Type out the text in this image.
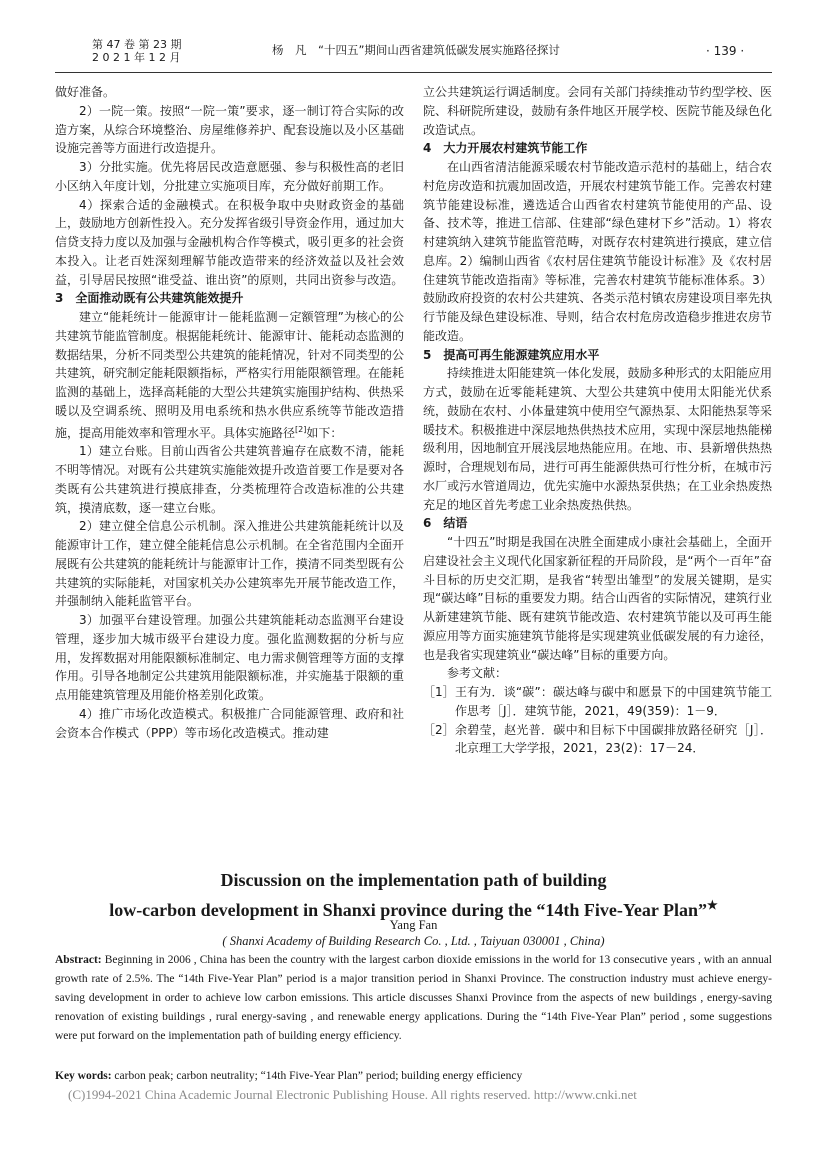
第 47 卷 第 23 期
2 0 2 1 年 1 2 月
杨　凡　“十四五”期间山西省建筑低碳发展实施路径探讨	· 139 ·

做好准备。

2）一院一策。按照“一院一策”要求，逐一制订符合实际的改造方案，从综合环境整治、房屋维修养护、配套设施以及小区基础设施完善等方面进行改造提升。

3）分批实施。优先将居民改造意愿强、参与积极性高的老旧小区纳入年度计划，分批建立实施项目库，充分做好前期工作。

4）探索合适的金融模式。在积极争取中央财政资金的基础上，鼓励地方创新性投入。充分发挥省级引导资金作用，通过加大信贷支持力度以及加强与金融机构合作等模式，吸引更多的社会资本投入。让老百姓深刻理解节能改造带来的经济效益以及社会效益，引导居民按照“谁受益、谁出资”的原则，共同出资参与改造。

3　全面推动既有公共建筑能效提升

建立“能耗统计－能源审计－能耗监测－定额管理”为核心的公共建筑节能监管制度。根据能耗统计、能源审计、能耗动态监测的数据结果，分析不同类型公共建筑的能耗情况，针对不同类型的公共建筑，研究制定能耗限额指标，严格实行用能限额管理。在能耗监测的基础上，选择高耗能的大型公共建筑实施围护结构、供热采暖以及空调系统、照明及用电系统和热水供应系统等节能改造措施，提高用能效率和管理水平。具体实施路径[2]如下：

1）建立台账。目前山西省公共建筑普遍存在底数不清，能耗不明等情况。对既有公共建筑实施能效提升改造首要工作是要对各类既有公共建筑进行摸底排查，分类梳理符合改造标准的公共建筑，摸清底数，逐一建立台账。

2）建立健全信息公示机制。深入推进公共建筑能耗统计以及能源审计工作，建立健全能耗信息公示机制。在全省范围内全面开展既有公共建筑的能耗统计与能源审计工作，摸清不同类型既有公共建筑的实际能耗，对国家机关办公建筑率先开展节能改造工作，并强制纳入能耗监管平台。

3）加强平台建设管理。加强公共建筑能耗动态监测平台建设管理，逐步加大城市级平台建设力度。强化监测数据的分析与应用，发挥数据对用能限额标准制定、电力需求侧管理等方面的支撑作用。引导各地制定公共建筑用能限额标准，并实施基于限额的重点用能建筑管理及用能价格差别化政策。

4）推广市场化改造模式。积极推广合同能源管理、政府和社会资本合作模式（PPP）等市场化改造模式。推动建

立公共建筑运行调适制度。会同有关部门持续推动节约型学校、医院、科研院所建设，鼓励有条件地区开展学校、医院节能及绿色化改造试点。

4　大力开展农村建筑节能工作

在山西省清洁能源采暖农村节能改造示范村的基础上，结合农村危房改造和抗震加固改造，开展农村建筑节能工作。完善农村建筑节能建设标准，遴选适合山西省农村建筑节能使用的产品、设备、技术等，推进工信部、住建部“绿色建材下乡”活动。1）将农村建筑纳入建筑节能监管范畴，对既存农村建筑进行摸底，建立信息库。2）编制山西省《农村居住建筑节能设计标准》及《农村居住建筑节能改造指南》等标准，完善农村建筑节能标准体系。3）鼓励政府投资的农村公共建筑、各类示范村镇农房建设项目率先执行节能及绿色建设标准、导则，结合农村危房改造稳步推进农房节能改造。

5　提高可再生能源建筑应用水平

持续推进太阳能建筑一体化发展，鼓励多种形式的太阳能应用方式，鼓励在近零能耗建筑、大型公共建筑中使用太阳能光伏系统，鼓励在农村、小体量建筑中使用空气源热泵、太阳能热泵等采暖技术。积极推进中深层地热供热技术应用，实现中深层地热能梯级利用，因地制宜开展浅层地热能应用。在地、市、县新增供热热源时，合理规划布局，进行可再生能源供热可行性分析，在城市污水厂或污水管道周边，优先实施中水源热泵供热；在工业余热废热充足的地区首先考虑工业余热废热供热。

6　结语

“十四五”时期是我国在决胜全面建成小康社会基础上，全面开启建设社会主义现代化国家新征程的开局阶段，是“两个一百年”奋斗目标的历史交汇期，是我省“转型出雏型”的发展关键期，是实现“碳达峰”目标的重要发力期。结合山西省的实际情况，建筑行业从新建建筑节能、既有建筑节能改造、农村建筑节能以及可再生能源应用等方面实施建筑节能将是实现建筑业低碳发展的有力途径，也是我省实现建筑业“碳达峰”目标的重要方向。

参考文献：

［1］ 王有为．谈“碳”：碳达峰与碳中和愿景下的中国建筑节能工作思考［J］．建筑节能，2021，49(359)：1－9．
［2］ 余碧莹，赵光普．碳中和目标下中国碳排放路径研究［J］．北京理工大学学报，2021，23(2)：17－24．
Discussion on the implementation path of building
low-carbon development in Shanxi province during the “14th Five-Year Plan”★
Yang Fan
( Shanxi Academy of Building Research Co. , Ltd. , Taiyuan 030001 , China)
Abstract: Beginning in 2006 , China has been the country with the largest carbon dioxide emissions in the world for 13 consecutive years , with an annual growth rate of 2.5%. The “14th Five-Year Plan” period is a major transition period in Shanxi Province. The construction industry must achieve energy-saving development in order to achieve low carbon emissions. This article discusses Shanxi Province from the aspects of new buildings , energy-saving renovation of existing buildings , rural energy-saving , and renewable energy applications. During the “14th Five-Year Plan” period , some suggestions were put forward on the implementation path of building energy efficiency.
Key words: carbon peak; carbon neutrality; “14th Five-Year Plan” period; building energy efficiency
(C)1994-2021 China Academic Journal Electronic Publishing House. All rights reserved. http://www.cnki.net
